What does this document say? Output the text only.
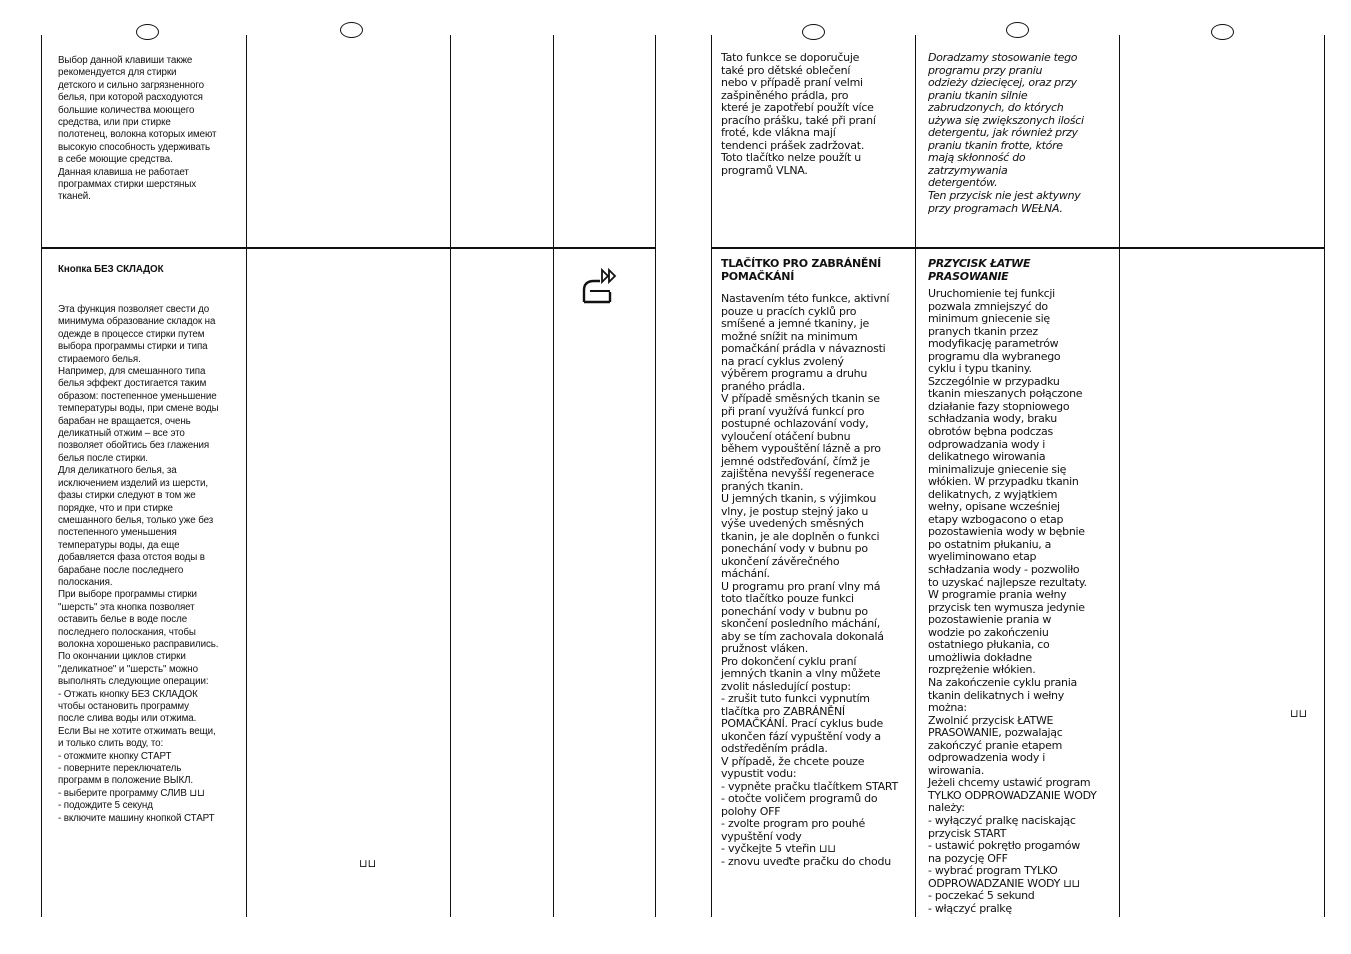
Выбор данной клавиши также
рекомендуется для стирки
детского и сильно загрязненного
белья, при которой расходуются
большие количества моющего
средства, или при стирке
полотенец, волокна которых имеют
высокую способность удерживать
в себе моющие средства.
Данная клавиша не работает
программах стирки шерстяных
тканей.

Кнопка БЕЗ СКЛАДОК

Эта функция позволяет свести до
минимума образование складок на
одежде в процессе стирки путем
выбора программы стирки и типа
стираемого белья.
Например, для смешанного типа
белья эффект достигается таким
образом: постепенное уменьшение
температуры воды, при смене воды
барабан не вращается, очень
деликатный отжим – все это
позволяет обойтись без глажения
белья после стирки.
Для деликатного белья, за
исключением изделий из шерсти,
фазы стирки следуют в том же
порядке, что и при стирке
смешанного белья, только уже без
постепенного уменьшения
температуры воды, да еще
добавляется фаза отстоя воды в
барабане после последнего
полоскания.
При выборе программы стирки
"шерсть" эта кнопка позволяет
оставить белье в воде после
последнего полоскания, чтобы
волокна хорошенько расправились.
По окончании циклов стирки
"деликатное" и "шерсть" можно
выполнять следующие операции:
- Отжать кнопку БЕЗ СКЛАДОК
чтобы остановить программу
после слива воды или отжима.
Если Вы не хотите отжимать вещи,
и только слить воду, то:
- отожмите кнопку СТАРТ
- поверните переключатель
программ в положение ВЫКЛ.
- выберите программу СЛИВ ⊔⊔
- подождите 5 секунд
- включите машину кнопкой СТАРТ

⊔⊔

Tato funkce se doporučuje
také pro dětské oblečení
nebo v případě praní velmi
zašpiněného prádla, pro
které je zapotřebí použít více
pracího prášku, také při praní
froté, kde vlákna mají
tendenci prášek zadržovat.
Toto tlačítko nelze použít u
programů VLNA.

TLAČÍTKO PRO ZABRÁNĚNÍ
POMAČKÁNÍ

Nastavením této funkce, aktivní
pouze u pracích cyklů pro
smíšené a jemné tkaniny, je
možné snížit na minimum
pomačkání prádla v návaznosti
na prací cyklus zvolený
výběrem programu a druhu
praného prádla.
V případě směsných tkanin se
při praní využívá funkcí pro
postupné ochlazování vody,
vyloučení otáčení bubnu
během vypouštění lázně a pro
jemné odstřeďování, čímž je
zajištěna nevyšší regenerace
praných tkanin.
U jemných tkanin, s výjimkou
vlny, je postup stejný jako u
výše uvedených směsných
tkanin, je ale doplněn o funkci
ponechání vody v bubnu po
ukončení závěrečného
máchání.
U programu pro praní vlny má
toto tlačítko pouze funkci
ponechání vody v bubnu po
skončení posledního máchání,
aby se tím zachovala dokonalá
pružnost vláken.
Pro dokončení cyklu praní
jemných tkanin a vlny můžete
zvolit následující postup:
- zrušit tuto funkci vypnutím
tlačítka pro ZABRÁNĚNÍ
POMAČKÁNÍ. Prací cyklus bude
ukončen fází vypuštění vody a
odstředěním prádla.
V případě, že chcete pouze
vypustit vodu:
- vypněte pračku tlačítkem START
- otočte voličem programů do
polohy OFF
- zvolte program pro pouhé
vypuštění vody
- vyčkejte 5 vteřin ⊔⊔
- znovu uveďte pračku do chodu

Doradzamy stosowanie tego
programu przy praniu
odzieży dziecięcej, oraz przy
praniu tkanin silnie
zabrudzonych, do których
używa się zwiększonych ilości
detergentu, jak również przy
praniu tkanin frotte, które
mają skłonność do
zatrzymywania
detergentów.
Ten przycisk nie jest aktywny
przy programach WEŁNA.

PRZYCISK ŁATWE
PRASOWANIE

Uruchomienie tej funkcji
pozwala zmniejszyć do
minimum gniecenie się
pranych tkanin przez
modyfikację parametrów
programu dla wybranego
cyklu i typu tkaniny.
Szczególnie w przypadku
tkanin mieszanych połączone
działanie fazy stopniowego
schładzania wody, braku
obrotów bębna podczas
odprowadzania wody i
delikatnego wirowania
minimalizuje gniecenie się
włókien. W przypadku tkanin
delikatnych, z wyjątkiem
wełny, opisane wcześniej
etapy wzbogacono o etap
pozostawienia wody w bębnie
po ostatnim płukaniu, a
wyeliminowano etap
schładzania wody - pozwoliło
to uzyskać najlepsze rezultaty.
W programie prania wełny
przycisk ten wymusza jedynie
pozostawienie prania w
wodzie po zakończeniu
ostatniego płukania, co
umożliwia dokładne
rozprężenie włókien.
Na zakończenie cyklu prania
tkanin delikatnych i wełny
można:
Zwolnić przycisk ŁATWE
PRASOWANIE, pozwalając
zakończyć pranie etapem
odprowadzenia wody i
wirowania.
Jeżeli chcemy ustawić program
TYLKO ODPROWADZANIE WODY
należy:
- wyłączyć pralkę naciskając
przycisk START
- ustawić pokrętło progamów
na pozycję OFF
- wybrać program TYLKO
ODPROWADZANIE WODY ⊔⊔
- poczekać 5 sekund
- włączyć pralkę

⊔⊔
